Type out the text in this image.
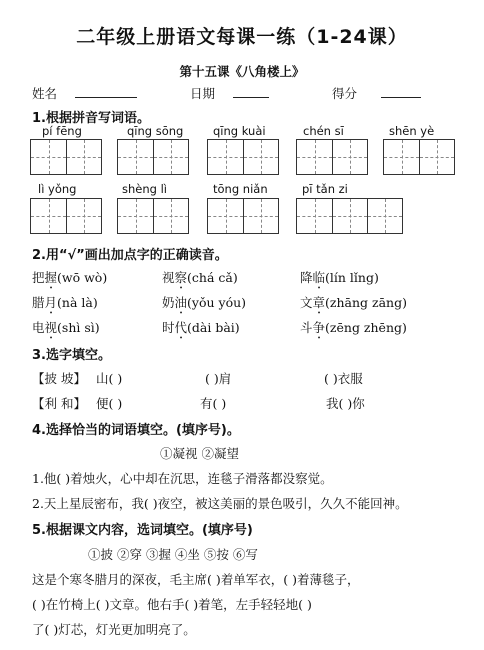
二年级上册语文每课一练（1-24课）
第十五课《八角楼上》
姓名	日期	得分
1.根据拼音写词语。
pí fēng	qīng sōng	qīng kuài	chén sī	shēn yè
lì yǒng	shèng lì	tōng niǎn	pī tǎn zi
2.用“√”画出加点字的正确读音。
把握(wō wò)	视察(chá cǎ)	降临(lín lǐng)
腊月(nà là)	奶油(yǒu yóu)	文章(zhāng zāng)
电视(shì sì)	时代(dài bài)	斗争(zēng zhēng)
3.选字填空。
【披 坡】 山( )	( )肩	( )衣服
【利 和】 便( )	有( )	我( )你
4.选择恰当的词语填空。(填序号)。
①凝视 ②凝望
1.他( )着烛火，心中却在沉思，连毯子滑落都没察觉。
2.天上星辰密布，我( )夜空，被这美丽的景色吸引，久久不能回神。
5.根据课文内容，选词填空。(填序号)
①披 ②穿 ③握 ④坐 ⑤按 ⑥写
这是个寒冬腊月的深夜，毛主席( )着单军衣，( )着薄毯子，
( )在竹椅上( )文章。他右手( )着笔，左手轻轻地( )
了( )灯芯，灯光更加明亮了。
